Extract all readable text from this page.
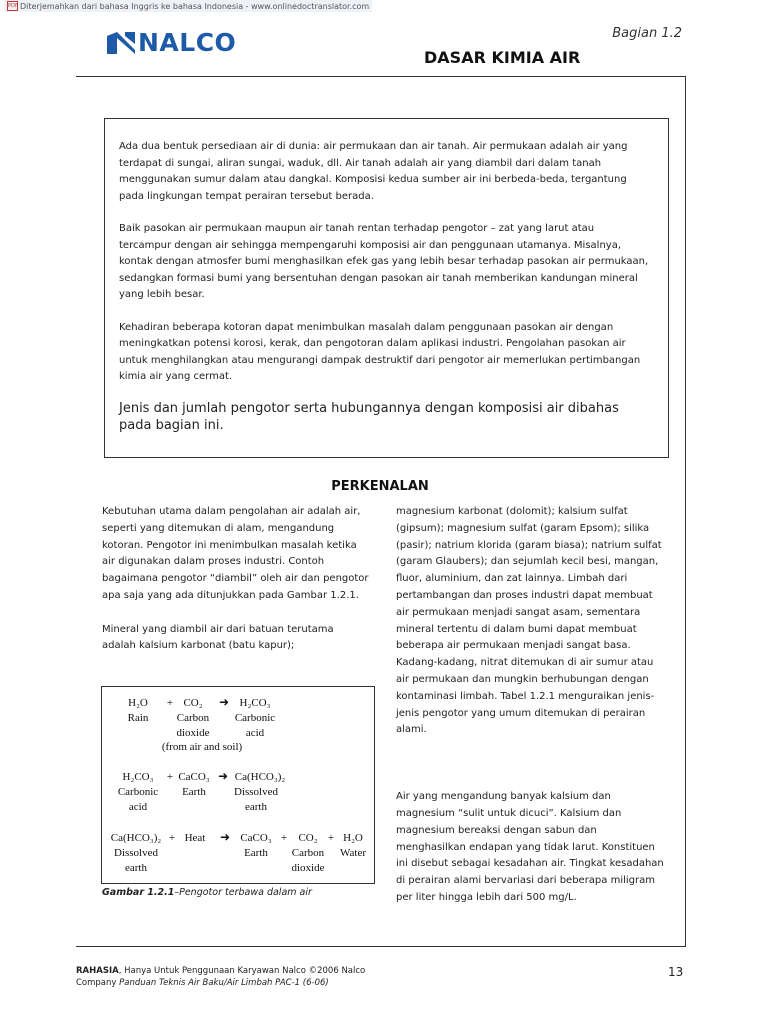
PDF Diterjemahkan dari bahasa Inggris ke bahasa Indonesia - www.onlinedoctranslator.com
NALCO	Bagian 1.2
DASAR KIMIA AIR

Ada dua bentuk persediaan air di dunia: air permukaan dan air tanah. Air permukaan adalah air yang terdapat di sungai, aliran sungai, waduk, dll. Air tanah adalah air yang diambil dari dalam tanah menggunakan sumur dalam atau dangkal. Komposisi kedua sumber air ini berbeda-beda, tergantung pada lingkungan tempat perairan tersebut berada.

Baik pasokan air permukaan maupun air tanah rentan terhadap pengotor – zat yang larut atau tercampur dengan air sehingga mempengaruhi komposisi air dan penggunaan utamanya. Misalnya, kontak dengan atmosfer bumi menghasilkan efek gas yang lebih besar terhadap pasokan air permukaan, sedangkan formasi bumi yang bersentuhan dengan pasokan air tanah memberikan kandungan mineral yang lebih besar.

Kehadiran beberapa kotoran dapat menimbulkan masalah dalam penggunaan pasokan air dengan meningkatkan potensi korosi, kerak, dan pengotoran dalam aplikasi industri. Pengolahan pasokan air untuk menghilangkan atau mengurangi dampak destruktif dari pengotor air memerlukan pertimbangan kimia air yang cermat.

Jenis dan jumlah pengotor serta hubungannya dengan komposisi air dibahas pada bagian ini.

PERKENALAN

Kebutuhan utama dalam pengolahan air adalah air, seperti yang ditemukan di alam, mengandung kotoran. Pengotor ini menimbulkan masalah ketika air digunakan dalam proses industri. Contoh bagaimana pengotor “diambil” oleh air dan pengotor apa saja yang ada ditunjukkan pada Gambar 1.2.1.

Mineral yang diambil air dari batuan terutama adalah kalsium karbonat (batu kapur);

magnesium karbonat (dolomit); kalsium sulfat (gipsum); magnesium sulfat (garam Epsom); silika (pasir); natrium klorida (garam biasa); natrium sulfat (garam Glaubers); dan sejumlah kecil besi, mangan, fluor, aluminium, dan zat lainnya. Limbah dari pertambangan dan proses industri dapat membuat air permukaan menjadi sangat asam, sementara mineral tertentu di dalam bumi dapat membuat beberapa air permukaan menjadi sangat basa. Kadang-kadang, nitrat ditemukan di air sumur atau air permukaan dan mungkin berhubungan dengan kontaminasi limbah. Tabel 1.2.1 menguraikan jenis-jenis pengotor yang umum ditemukan di perairan alami.

Air yang mengandung banyak kalsium dan magnesium “sulit untuk dicuci”. Kalsium dan magnesium bereaksi dengan sabun dan menghasilkan endapan yang tidak larut. Konstituen ini disebut sebagai kesadahan air. Tingkat kesadahan di perairan alami bervariasi dari beberapa miligram per liter hingga lebih dari 500 mg/L.

H₂O + CO₂ ➜ H₂CO₃
Rain	Carbon Carbonic
dioxide	acid
(from air and soil)
H₂CO₃ + CaCO₃ ➜ Ca(HCO₃)₂
Carbonic Earth	Dissolved
acid	earth
Ca(HCO₃)₂ + Heat ➜ CaCO₃ + CO₂ + H₂O
Dissolved	Earth Carbon Water
earth	dioxide
Gambar 1.2.1–Pengotor terbawa dalam air
RAHASIA, Hanya Untuk Penggunaan Karyawan Nalco ©2006 Nalco Company Panduan Teknis Air Baku/Air Limbah PAC-1 (6-06)
13
